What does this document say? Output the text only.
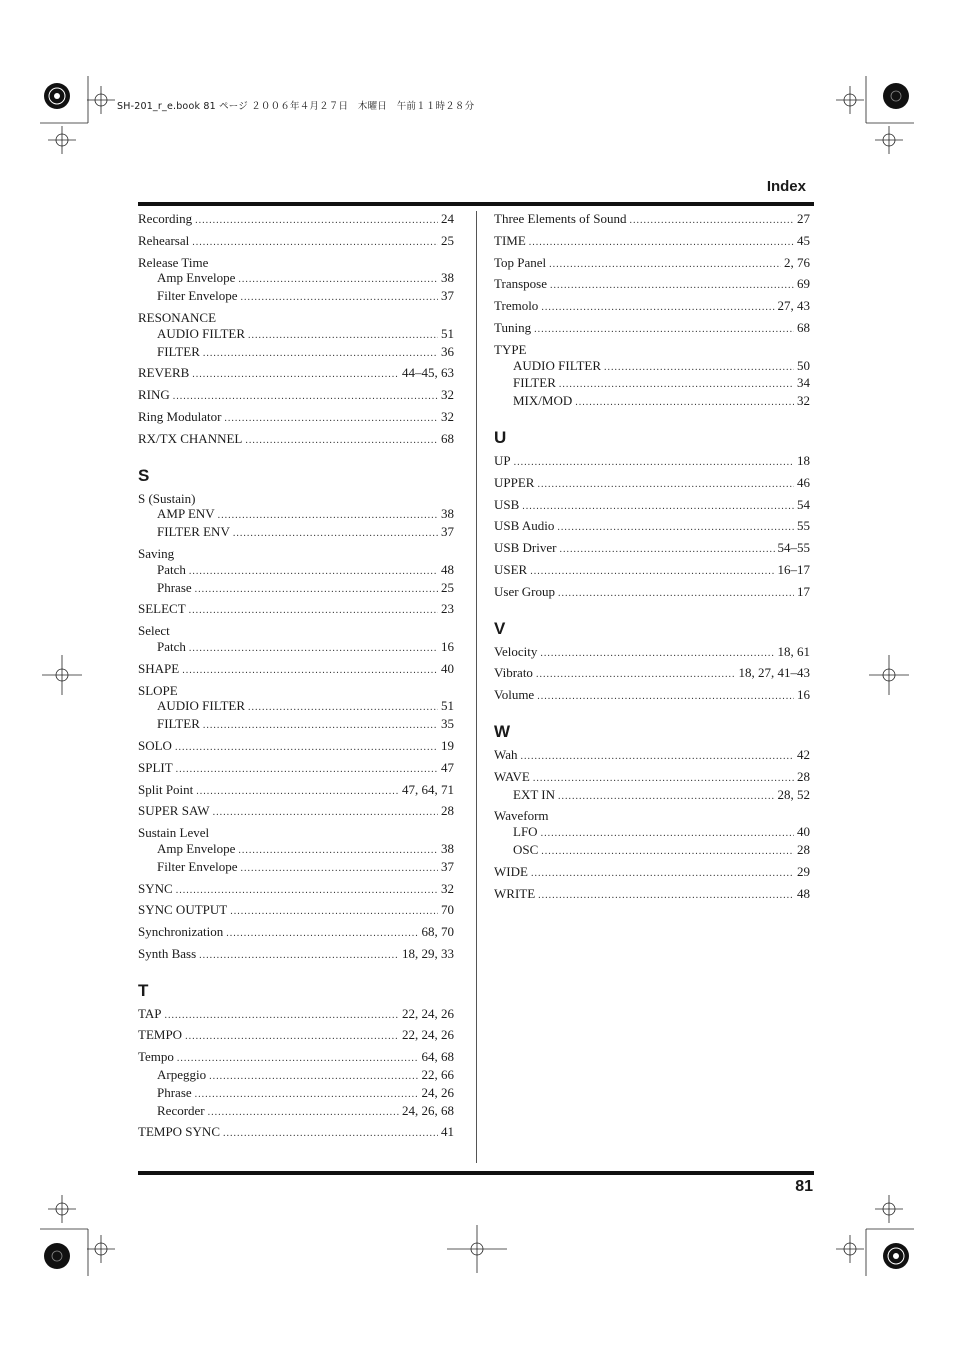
SH-201_r_e.book 81 ページ ２００６年４月２７日　木曜日　午前１１時２８分
Index
Recording .....	24
Rehearsal .....	25
Release Time
Amp Envelope .....	38
Filter Envelope .....	37
RESONANCE
AUDIO FILTER .....	51
FILTER .....	36
REVERB .....	44–45, 63
RING .....	32
Ring Modulator .....	32
RX/TX CHANNEL .....	68
S
S (Sustain)
AMP ENV .....	38
FILTER ENV .....	37
Saving
Patch .....	48
Phrase .....	25
SELECT .....	23
Select
Patch .....	16
SHAPE .....	40
SLOPE
AUDIO FILTER .....	51
FILTER .....	35
SOLO .....	19
SPLIT .....	47
Split Point .....	47, 64, 71
SUPER SAW .....	28
Sustain Level
Amp Envelope .....	38
Filter Envelope .....	37
SYNC .....	32
SYNC OUTPUT .....	70
Synchronization .....	68, 70
Synth Bass .....	18, 29, 33
T
TAP .....	22, 24, 26
TEMPO .....	22, 24, 26
Tempo .....	64, 68
Arpeggio .....	22, 66
Phrase .....	24, 26
Recorder .....	24, 26, 68
TEMPO SYNC .....	41
Three Elements of Sound .....	27
TIME .....	45
Top Panel .....	2, 76
Transpose .....	69
Tremolo .....	27, 43
Tuning .....	68
TYPE
AUDIO FILTER .....	50
FILTER .....	34
MIX/MOD .....	32
U
UP .....	18
UPPER .....	46
USB .....	54
USB Audio .....	55
USB Driver .....	54–55
USER .....	16–17
User Group .....	17
V
Velocity .....	18, 61
Vibrato .....	18, 27, 41–43
Volume .....	16
W
Wah .....	42
WAVE .....	28
EXT IN .....	28, 52
Waveform
LFO .....	40
OSC .....	28
WIDE .....	29
WRITE .....	48
81
